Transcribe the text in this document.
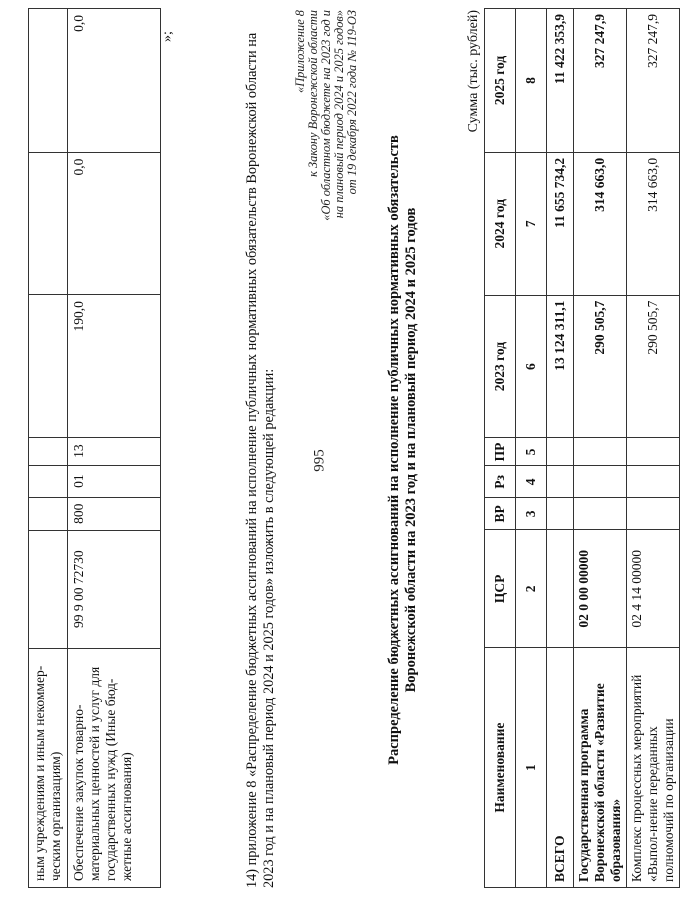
995
ным учреждениям и иным некоммер-ческим организациям)							
Обеспечение закупок товарно-материальных ценностей и услуг для государственных нужд (Иные бюд-жетные ассигнования)	99 9 00 72730	800	01	13	190,0	0,0	0,0
»;	14) приложение 8 «Распределение бюджетных ассигнований на исполнение публичных нормативных обязательств Воронежской области на 2023 год и на плановый период 2024 и 2025 годов» изложить в следующей редакции:
«Приложение 8 к Закону Воронежской области «Об областном бюджете на 2023 год и на плановый период 2024 и 2025 годов» от 19 декабря 2022 года № 119-ОЗ
Распределение бюджетных ассигнований на исполнение публичных нормативных обязательств Воронежской области на 2023 год и на плановый период 2024 и 2025 годов
Сумма (тыс. рублей)
Наименование	ЦСР	ВР	Рз	ПР	2023 год	2024 год	2025 год
1	2	3	4	5	6	7	8
ВСЕГО					13 124 311,1	11 655 734,2	11 422 353,9
Государственная программа Воронежской области «Развитие образования»	02 0 00 00000				290 505,7	314 663,0	327 247,9
Комплекс процессных мероприятий «Выпол-нение переданных полномочий по организации	02 4 14 00000				290 505,7	314 663,0	327 247,9
